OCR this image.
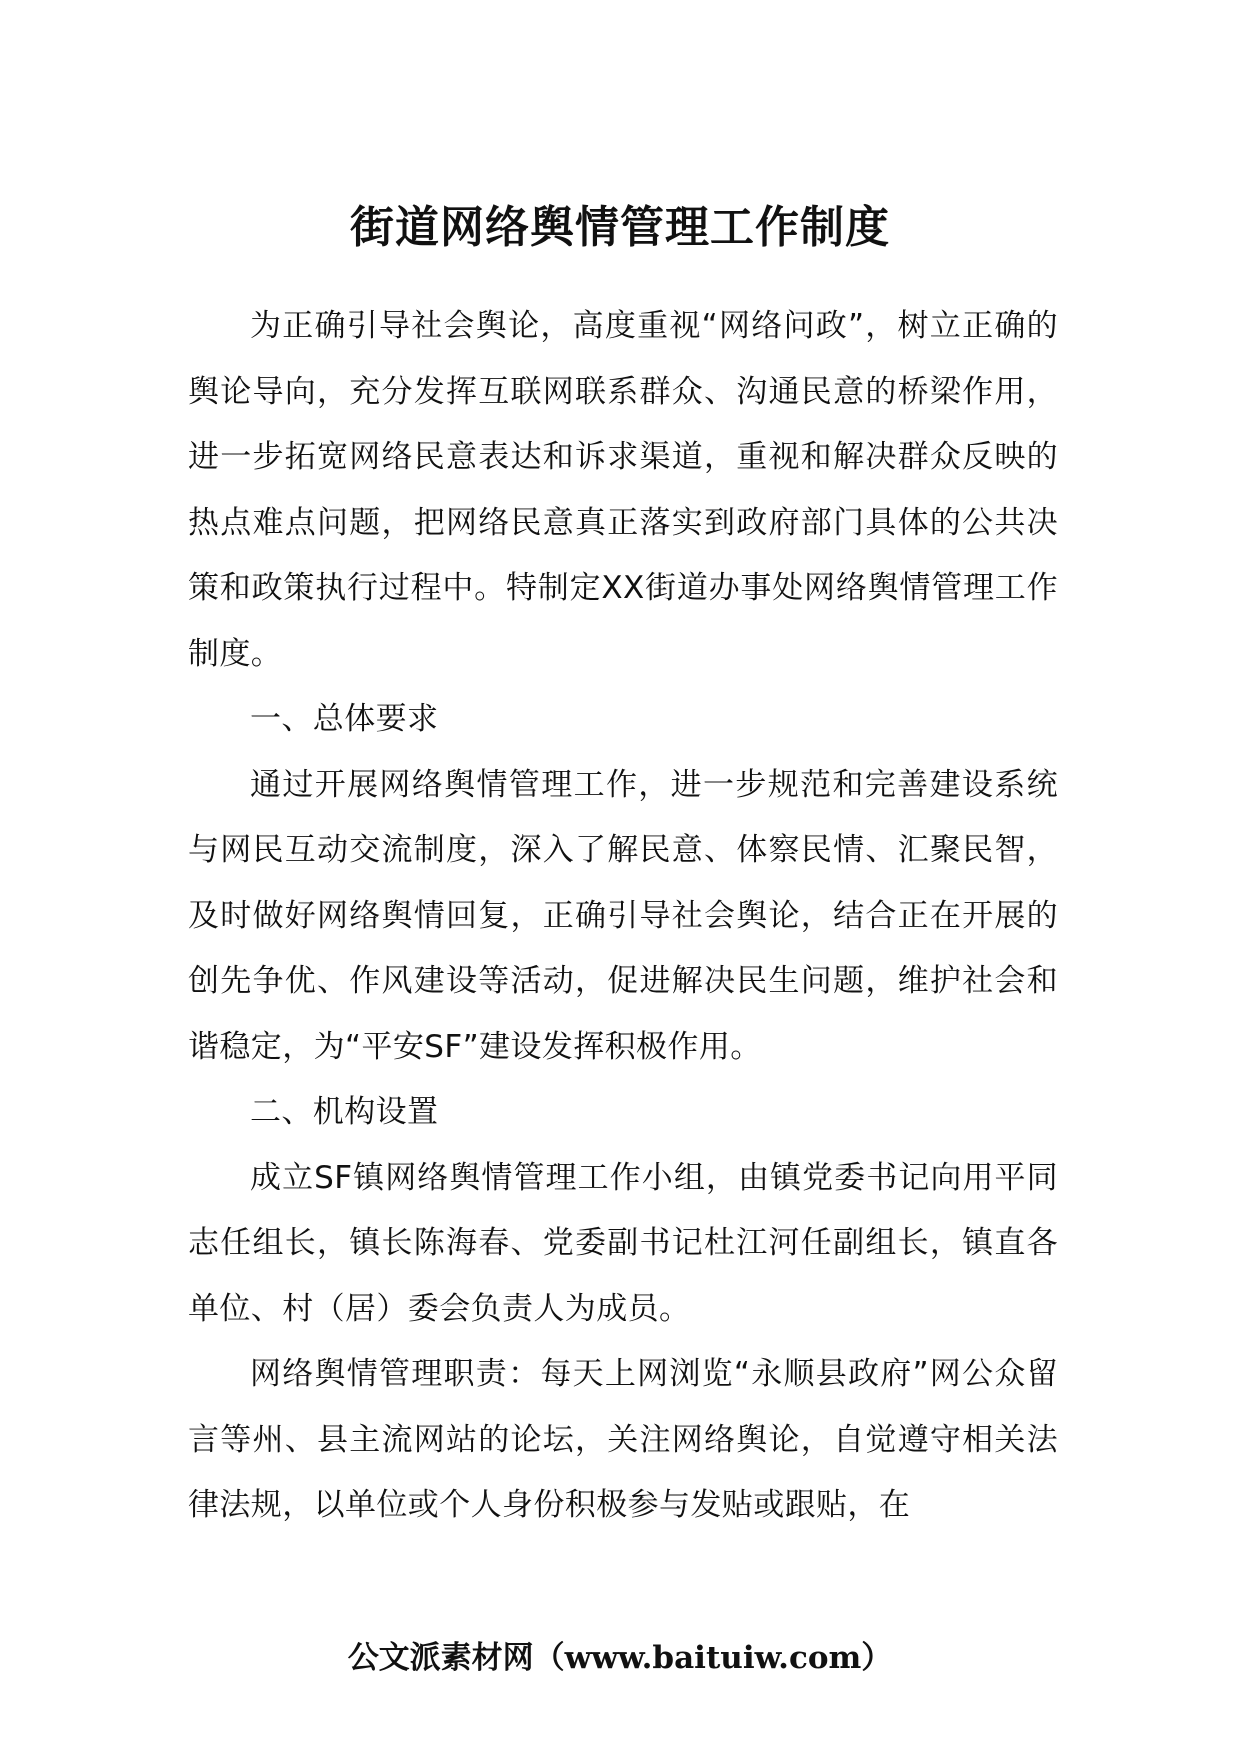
街道网络舆情管理工作制度

为正确引导社会舆论，高度重视“网络问政”，树立正确的舆论导向，充分发挥互联网联系群众、沟通民意的桥梁作用，进一步拓宽网络民意表达和诉求渠道，重视和解决群众反映的热点难点问题，把网络民意真正落实到政府部门具体的公共决策和政策执行过程中。特制定XX街道办事处网络舆情管理工作制度。

一、总体要求

通过开展网络舆情管理工作，进一步规范和完善建设系统与网民互动交流制度，深入了解民意、体察民情、汇聚民智，及时做好网络舆情回复，正确引导社会舆论，结合正在开展的创先争优、作风建设等活动，促进解决民生问题，维护社会和谐稳定，为“平安SF”建设发挥积极作用。

二、机构设置

成立SF镇网络舆情管理工作小组，由镇党委书记向用平同志任组长，镇长陈海春、党委副书记杜江河任副组长，镇直各单位、村（居）委会负责人为成员。

网络舆情管理职责：每天上网浏览“永顺县政府”网公众留言等州、县主流网站的论坛，关注网络舆论，自觉遵守相关法律法规，以单位或个人身份积极参与发贴或跟贴，在

公文派素材网（www.baituiw.com）
